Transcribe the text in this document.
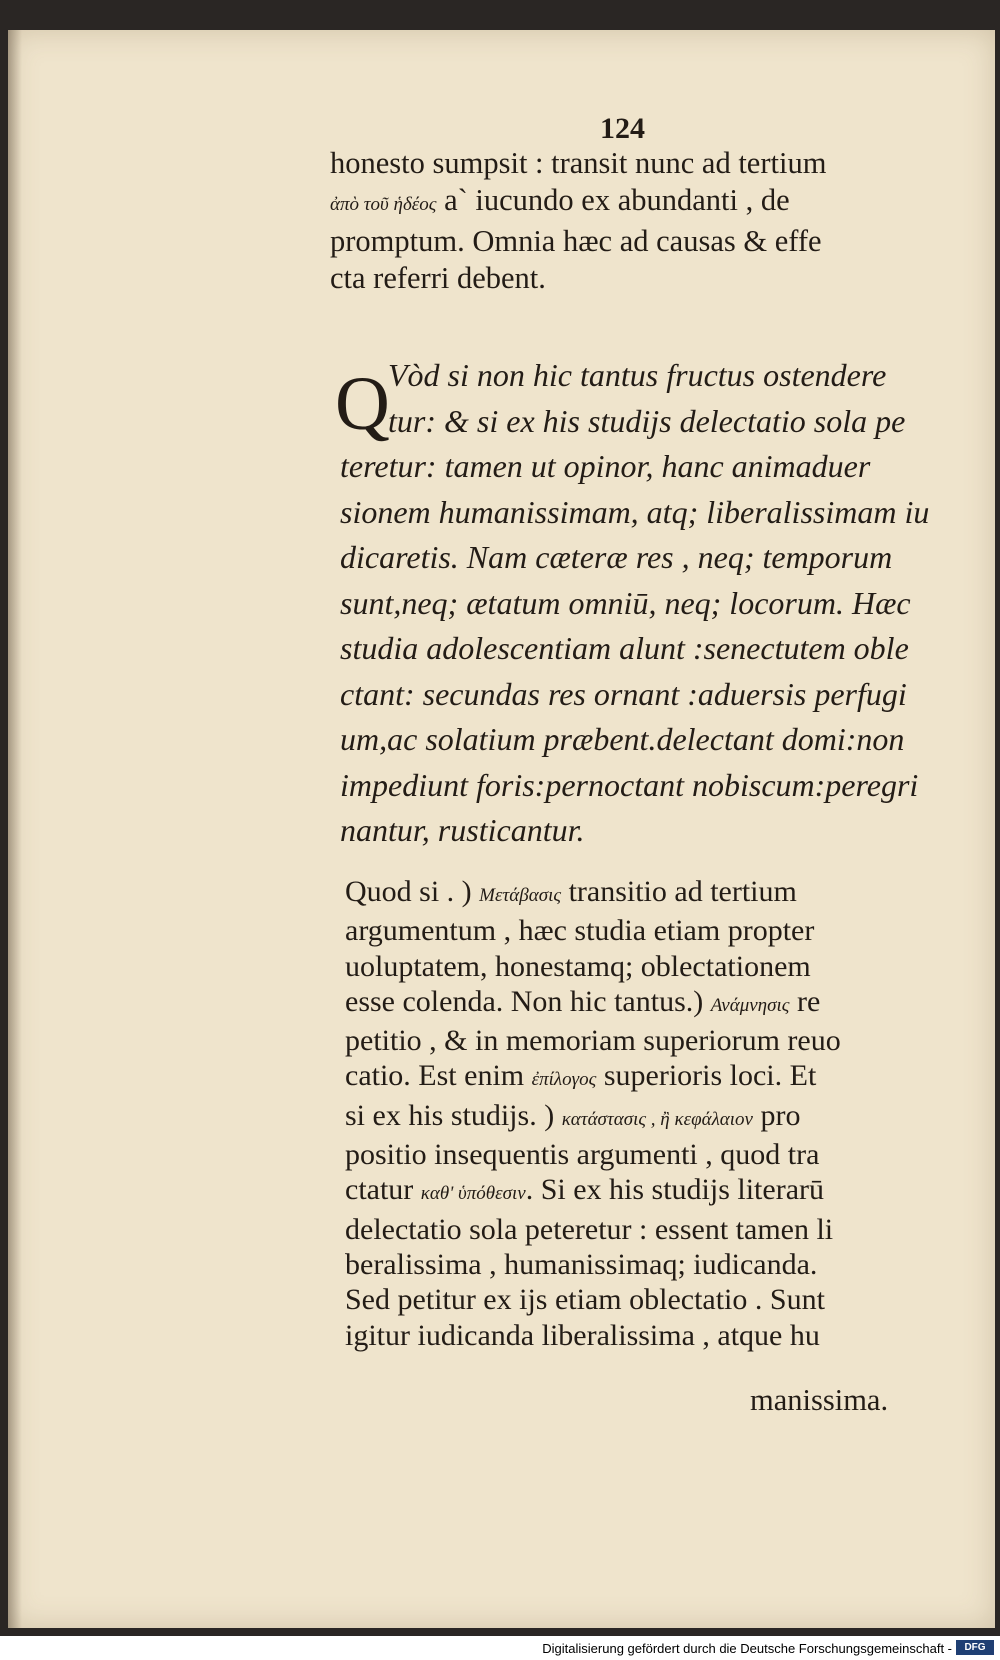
124
honesto sumpsit : transit nunc ad tertium
ἀπὸ τοῦ ἡδέος a` iucundo ex abundanti , de
promptum. Omnia hæc ad causas & effe
cta referri debent.
Q
Vòd si non hic tantus fructus ostendere
tur: & si ex his studijs delectatio sola pe
teretur: tamen ut opinor, hanc animaduer
sionem humanissimam, atq; liberalissimam iu
dicaretis. Nam cæteræ res , neq; temporum
sunt,neq; ætatum omniū, neq; locorum. Hæc
studia adolescentiam alunt :senectutem oble
ctant: secundas res ornant :aduersis perfugi
um,ac solatium præbent.delectant domi:non
impediunt foris:pernoctant nobiscum:peregri
nantur, rusticantur.
Quod si . ) Μετάβασις transitio ad tertium
argumentum , hæc studia etiam propter
uoluptatem, honestamq; oblectationem
esse colenda. Non hic tantus.) Ανάμνησις re
petitio , & in memoriam superiorum reuo
catio. Est enim ἐπίλογος superioris loci. Et
si ex his studijs. ) κατάστασις , ἢ κεφάλαιον pro
positio insequentis argumenti , quod tra
ctatur καθ' ὑπόθεσιν. Si ex his studijs literarū
delectatio sola peteretur : essent tamen li
beralissima , humanissimaq; iudicanda.
Sed petitur ex ijs etiam oblectatio . Sunt
igitur iudicanda liberalissima , atque hu
manissima.
Digitalisierung gefördert durch die Deutsche Forschungsgemeinschaft -	DFG
